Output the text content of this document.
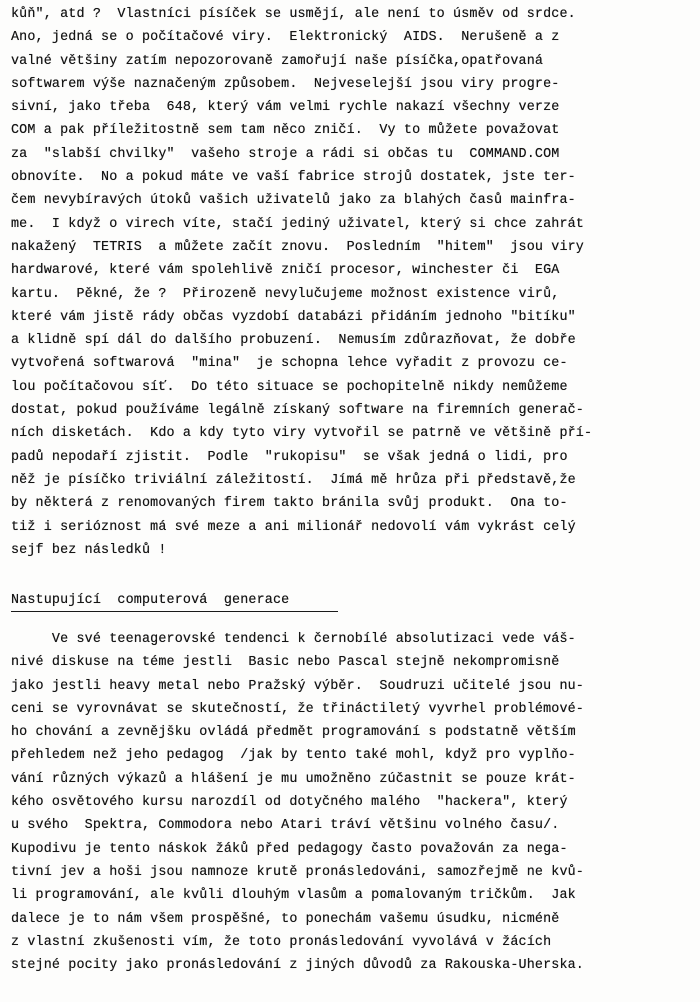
kůň", atd ?  Vlastníci písíček se usmějí, ale není to úsměv od srdce.
Ano, jedná se o počítačové viry.  Elektronický  AIDS.  Nerušeně a z
valné většiny zatím nepozorovaně zamořují naše písíčka,opatřovaná
softwarem výše naznačeným způsobem.  Nejveselejší jsou viry progre-
sivní, jako třeba  648, který vám velmi rychle nakazí všechny verze
COM a pak příležitostně sem tam něco zničí.  Vy to můžete považovat
za  "slabší chvilky"  vašeho stroje a rádi si občas tu  COMMAND.COM
obnovíte.  No a pokud máte ve vaší fabrice strojů dostatek, jste ter-
čem nevybíravých útoků vašich uživatelů jako za blahých časů mainfra-
me.  I když o virech víte, stačí jediný uživatel, který si chce zahrát
nakažený  TETRIS  a můžete začít znovu.  Posledním  "hitem"  jsou viry
hardwarové, které vám spolehlivě zničí procesor, winchester či  EGA
kartu.  Pěkné, že ?  Přirozeně nevylučujeme možnost existence virů,
které vám jistě rády občas vyzdobí databázi přidáním jednoho "bitíku"
a klidně spí dál do dalšího probuzení.  Nemusím zdůrazňovat, že dobře
vytvořená softwarová  "mina"  je schopna lehce vyřadit z provozu ce-
lou počítačovou síť.  Do této situace se pochopitelně nikdy nemůžeme
dostat, pokud používáme legálně získaný software na firemních generač-
ních disketách.  Kdo a kdy tyto viry vytvořil se patrně ve většině pří-
padů nepodaří zjistit.  Podle  "rukopisu"  se však jedná o lidi, pro
něž je písíčko triviální záležitostí.  Jímá mě hrůza při představě,že
by některá z renomovaných firem takto bránila svůj produkt.  Ona to-
tiž i serióznost má své meze a ani milionář nedovolí vám vykrást celý
sejf bez následků !
Nastupující  computerová  generace
Ve své teenagerovské tendenci k černobílé absolutizaci vede váš-
nivé diskuse na téme jestli  Basic nebo Pascal stejně nekompromisně
jako jestli heavy metal nebo Pražský výběr.  Soudruzi učitelé jsou nu-
ceni se vyrovnávat se skutečností, že třináctiletý vyvrhel problémové-
ho chování a zevnějšku ovládá předmět programování s podstatně větším
přehledem než jeho pedagog  /jak by tento také mohl, když pro vyplňo-
vání různých výkazů a hlášení je mu umožněno zúčastnit se pouze krát-
kého osvětového kursu narozdíl od dotyčného malého  "hackera", který
u svého  Spektra, Commodora nebo Atari tráví většinu volného času/.
Kupodivu je tento náskok žáků před pedagogy často považován za nega-
tivní jev a hoši jsou namnoze krutě pronásledováni, samozřejmě ne kvů-
li programování, ale kvůli dlouhým vlasům a pomalovaným tričkům.  Jak
dalece je to nám všem prospěšné, to ponechám vašemu úsudku, nicméně
z vlastní zkušenosti vím, že toto pronásledování vyvolává v žácích
stejné pocity jako pronásledování z jiných důvodů za Rakouska-Uherska.
